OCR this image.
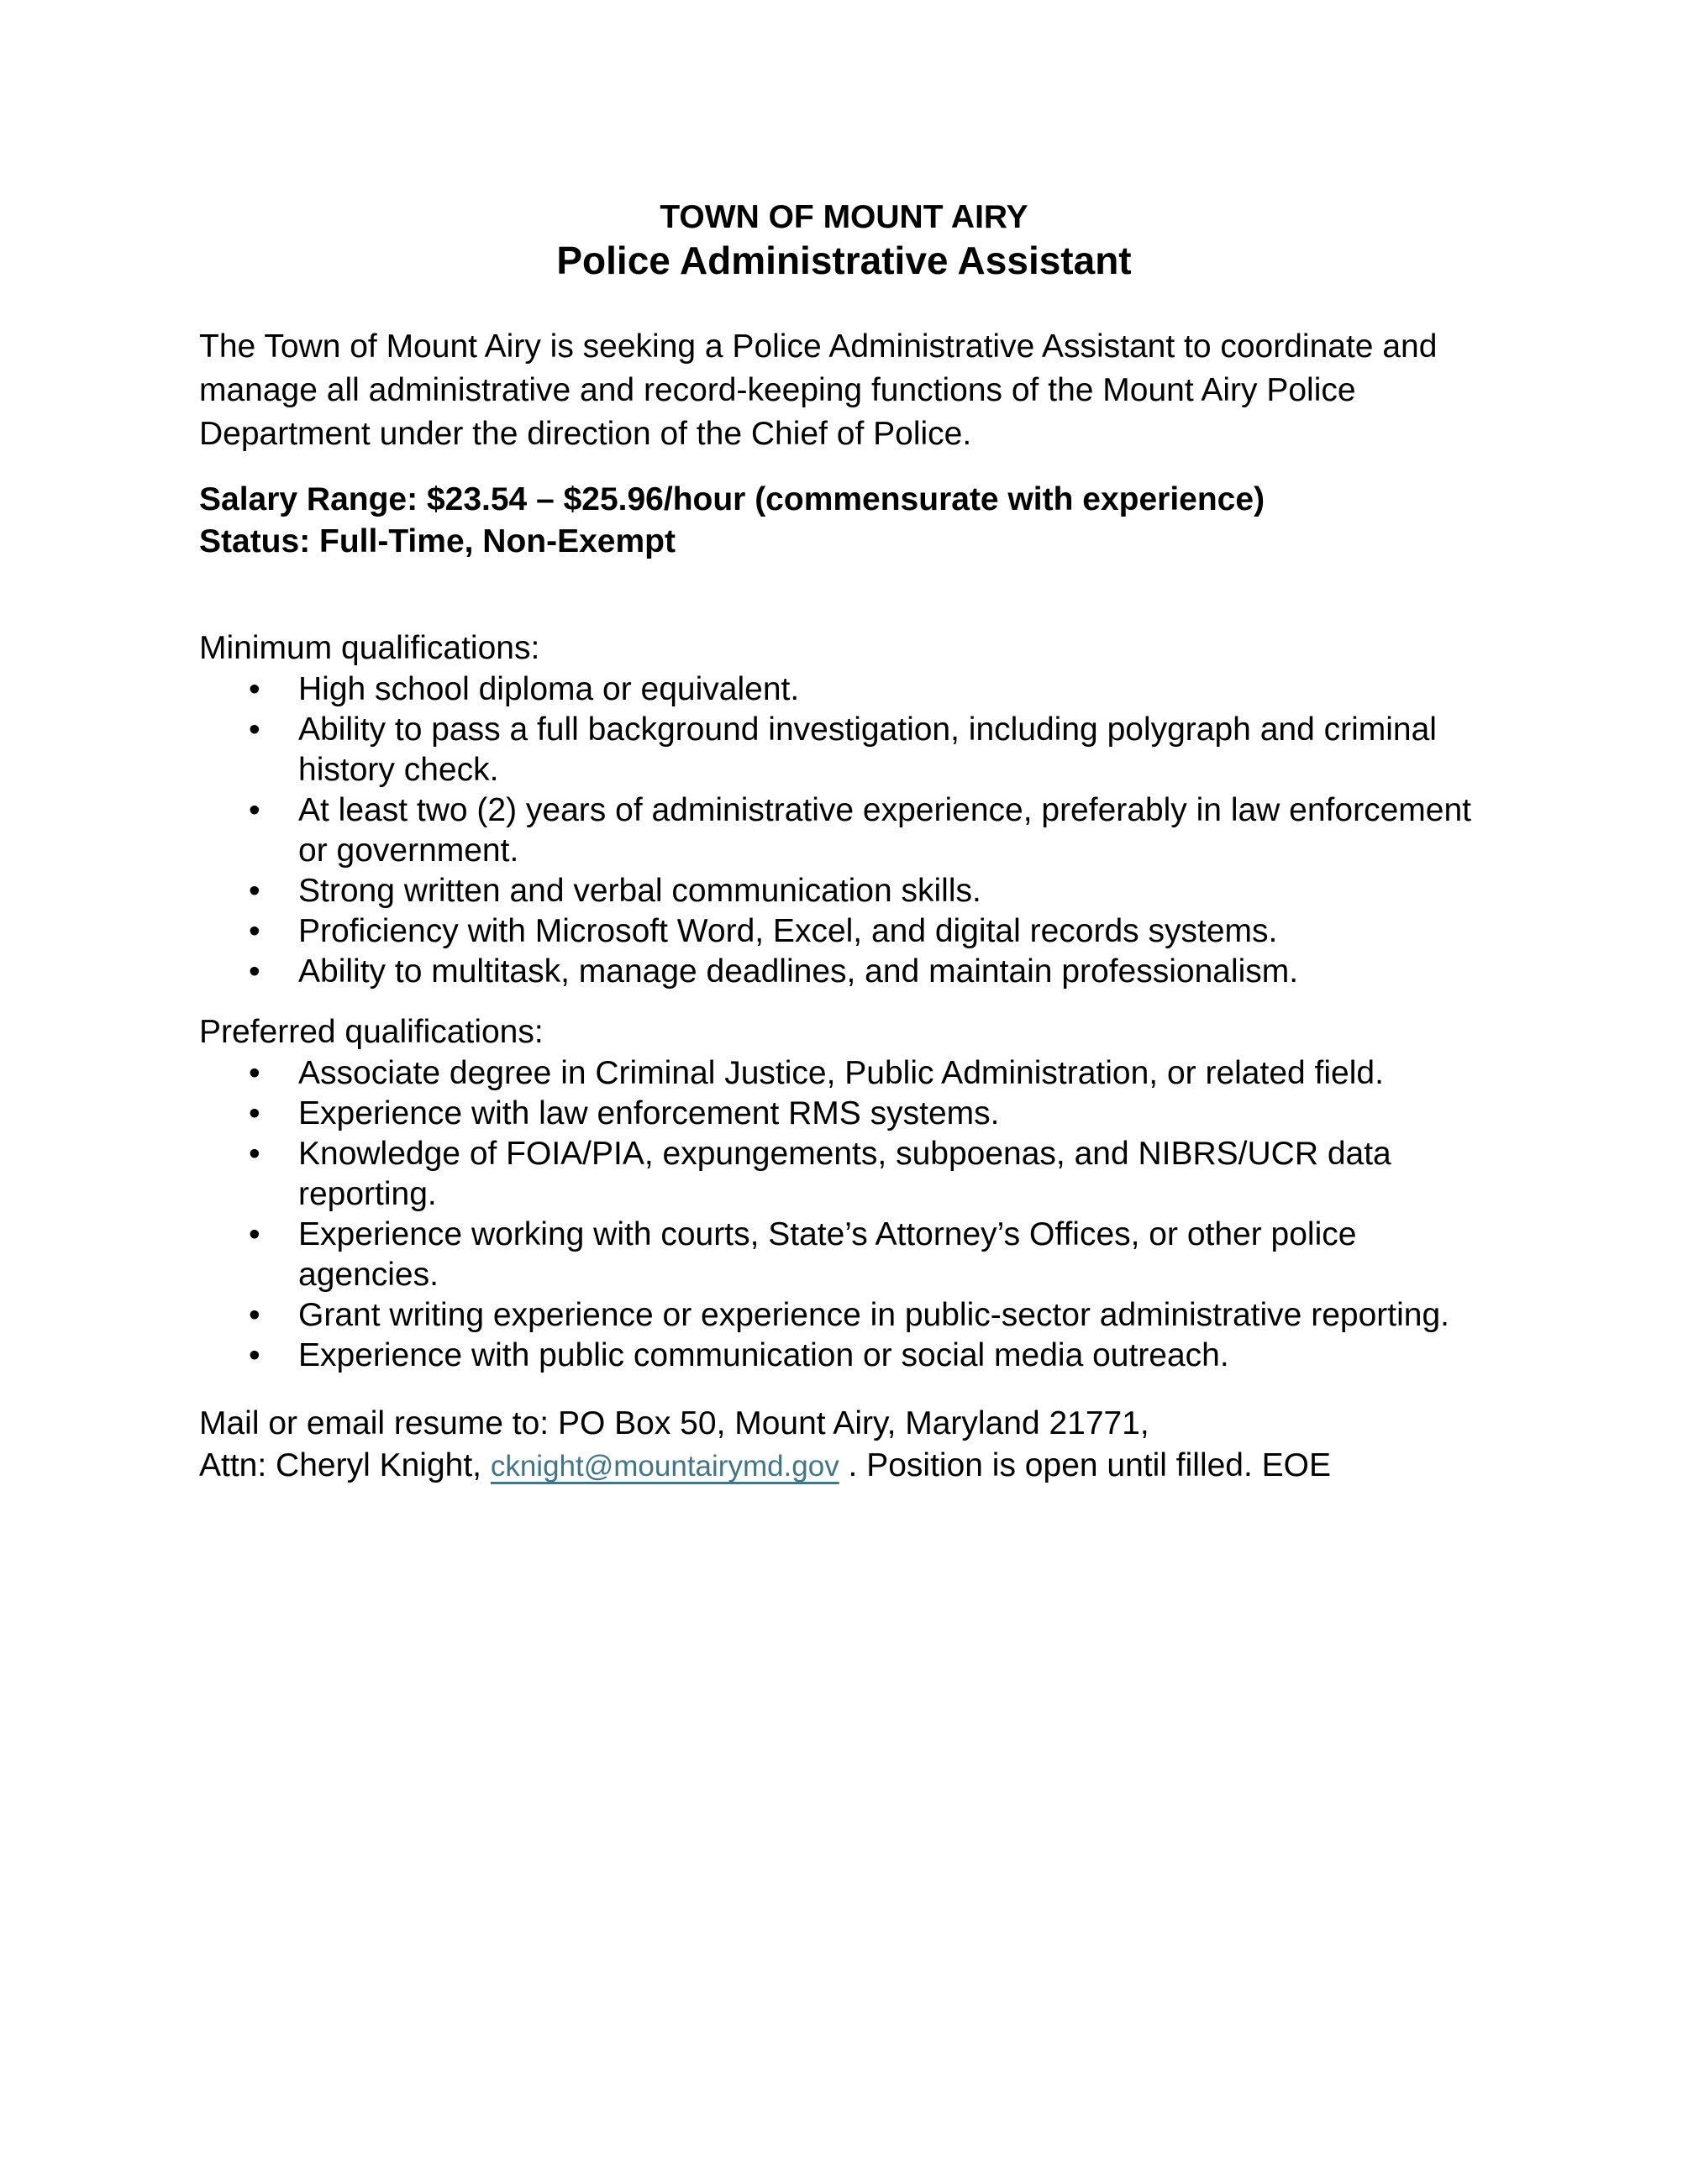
TOWN OF MOUNT AIRY
Police Administrative Assistant

The Town of Mount Airy is seeking a Police Administrative Assistant to coordinate and manage all administrative and record-keeping functions of the Mount Airy Police Department under the direction of the Chief of Police.

Salary Range: $23.54 – $25.96/hour (commensurate with experience)
Status: Full-Time, Non-Exempt

Minimum qualifications:

• High school diploma or equivalent.
• Ability to pass a full background investigation, including polygraph and criminal history check.
• At least two (2) years of administrative experience, preferably in law enforcement or government.
• Strong written and verbal communication skills.
• Proficiency with Microsoft Word, Excel, and digital records systems.
• Ability to multitask, manage deadlines, and maintain professionalism.

Preferred qualifications:

• Associate degree in Criminal Justice, Public Administration, or related field.
• Experience with law enforcement RMS systems.
• Knowledge of FOIA/PIA, expungements, subpoenas, and NIBRS/UCR data reporting.
• Experience working with courts, State’s Attorney’s Offices, or other police agencies.
• Grant writing experience or experience in public-sector administrative reporting.
• Experience with public communication or social media outreach.
Mail or email resume to: PO Box 50, Mount Airy, Maryland 21771,
Attn: Cheryl Knight, cknight@mountairymd.gov . Position is open until filled. EOE
